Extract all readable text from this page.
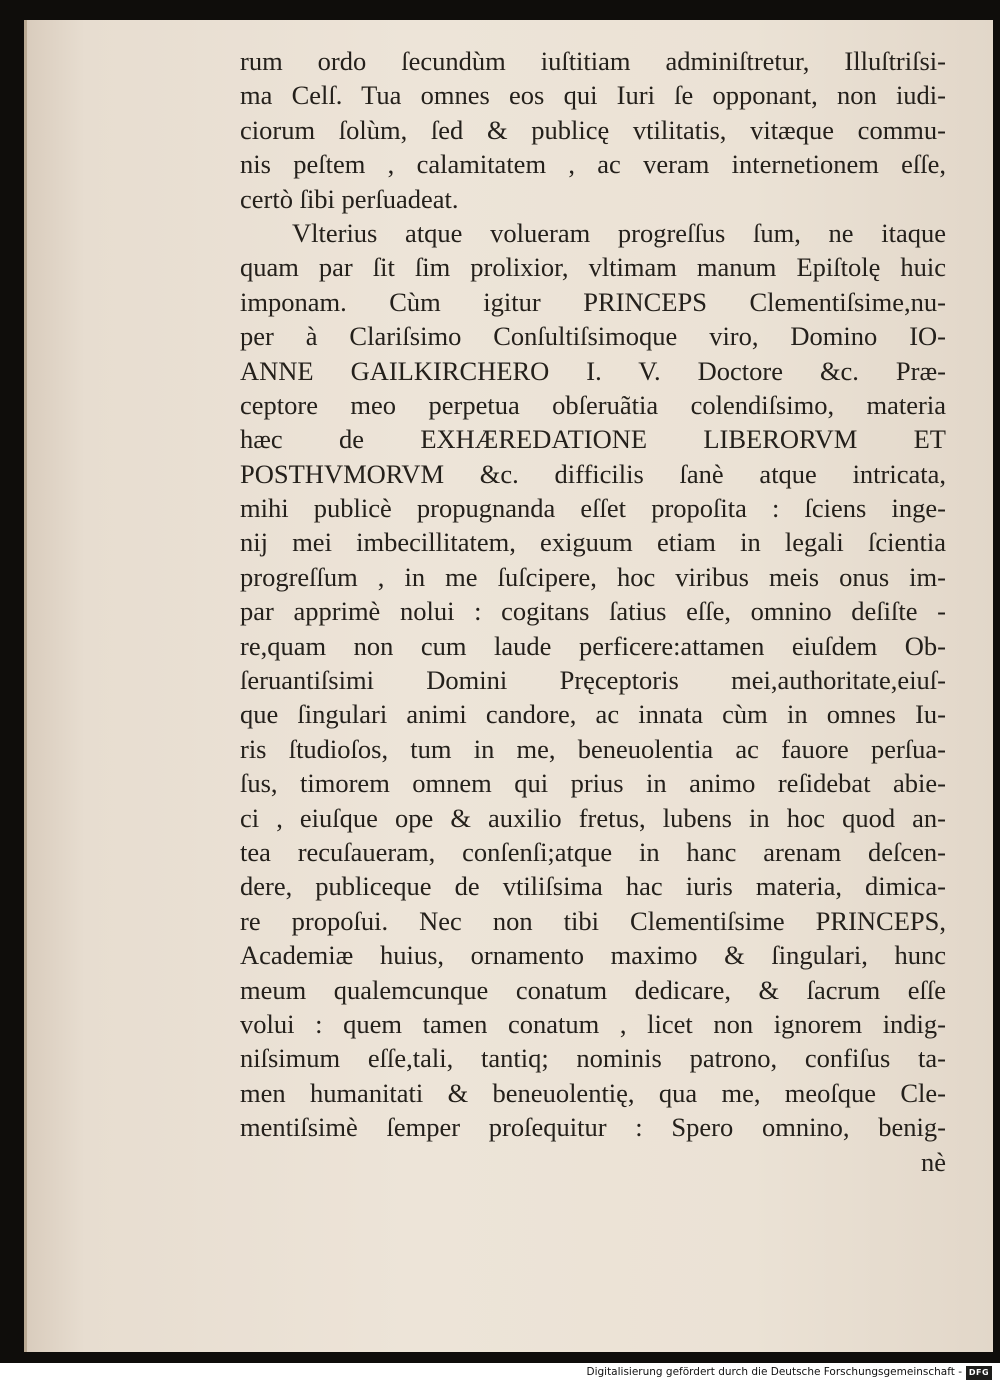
rum ordo ſecundùm iuſtitiam adminiſtretur, Illuſtriſsi-
ma Celſ. Tua omnes eos qui Iuri ſe opponant, non iudi-
ciorum ſolùm, ſed & publicę vtilitatis, vitæque commu-
nis peſtem , calamitatem , ac veram internetionem eſſe,
certò ſibi perſuadeat.
Vlterius atque volueram progreſſus ſum, ne itaque
quam par ſit ſim prolixior, vltimam manum Epiſtolę huic
imponam. Cùm igitur PRINCEPS Clementiſsime,nu-
per à Clariſsimo Conſultiſsimoque viro, Domino IO-
ANNE GAILKIRCHERO I. V. Doctore &c. Præ-
ceptore meo perpetua obſeruãtia colendiſsimo, materia
hæc de EXHÆREDATIONE LIBERORVM ET
POSTHVMORVM &c. difficilis ſanè atque intricata,
mihi publicè propugnanda eſſet propoſita : ſciens inge-
nij mei imbecillitatem, exiguum etiam in legali ſcientia
progreſſum , in me ſuſcipere, hoc viribus meis onus im-
par apprimè nolui : cogitans ſatius eſſe, omnino deſiſte -
re,quam non cum laude perficere:attamen eiuſdem Ob-
ſeruantiſsimi Domini Pręceptoris mei,authoritate,eiuſ-
que ſingulari animi candore, ac innata cùm in omnes Iu-
ris ſtudioſos, tum in me, beneuolentia ac fauore perſua-
ſus, timorem omnem qui prius in animo reſidebat abie-
ci , eiuſque ope & auxilio fretus, lubens in hoc quod an-
tea recuſaueram, conſenſi;atque in hanc arenam deſcen-
dere, publiceque de vtiliſsima hac iuris materia, dimica-
re propoſui. Nec non tibi Clementiſsime PRINCEPS,
Academiæ huius, ornamento maximo & ſingulari, hunc
meum qualemcunque conatum dedicare, & ſacrum eſſe
volui : quem tamen conatum , licet non ignorem indig-
niſsimum eſſe,tali, tantiq; nominis patrono, confiſus ta-
men humanitati & beneuolentię, qua me, meoſque Cle-
mentiſsimè ſemper proſequitur : Spero omnino, benig-
nè
Digitalisierung gefördert durch die Deutsche Forschungsgemeinschaft - DFG
